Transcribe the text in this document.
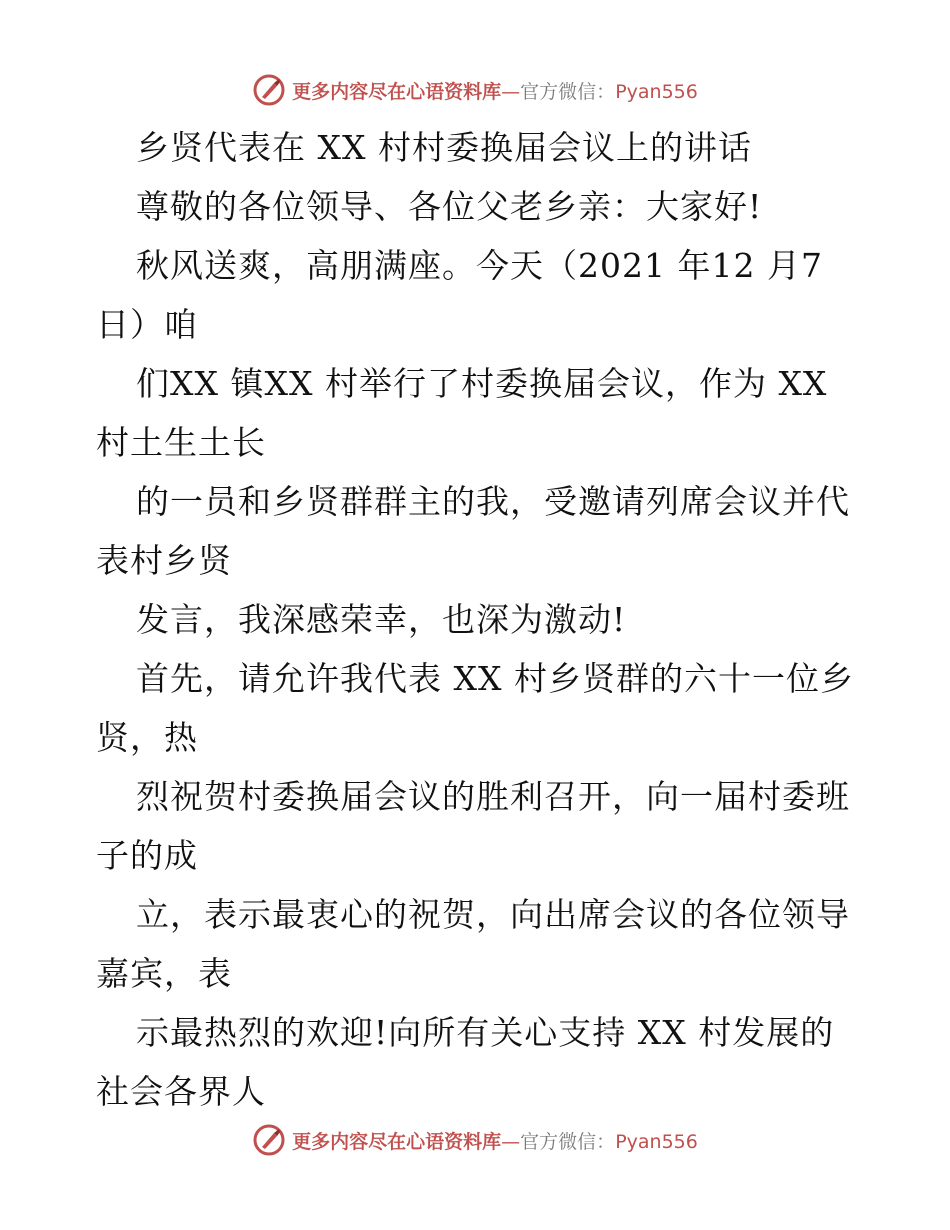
更多内容尽在心语资料库—官方微信：Pyan556
乡贤代表在 XX 村村委换届会议上的讲话
尊敬的各位领导、各位父老乡亲：大家好!
秋风送爽，高朋满座。今天（2021 年12 月7
日）咱
们XX 镇XX 村举行了村委换届会议，作为 XX
村土生土长
的一员和乡贤群群主的我，受邀请列席会议并代
表村乡贤
发言，我深感荣幸，也深为激动!
首先，请允许我代表 XX 村乡贤群的六十一位乡
贤，热
烈祝贺村委换届会议的胜利召开，向一届村委班
子的成
立，表示最衷心的祝贺，向出席会议的各位领导
嘉宾，表
示最热烈的欢迎!向所有关心支持 XX 村发展的
社会各界人
更多内容尽在心语资料库—官方微信：Pyan556
